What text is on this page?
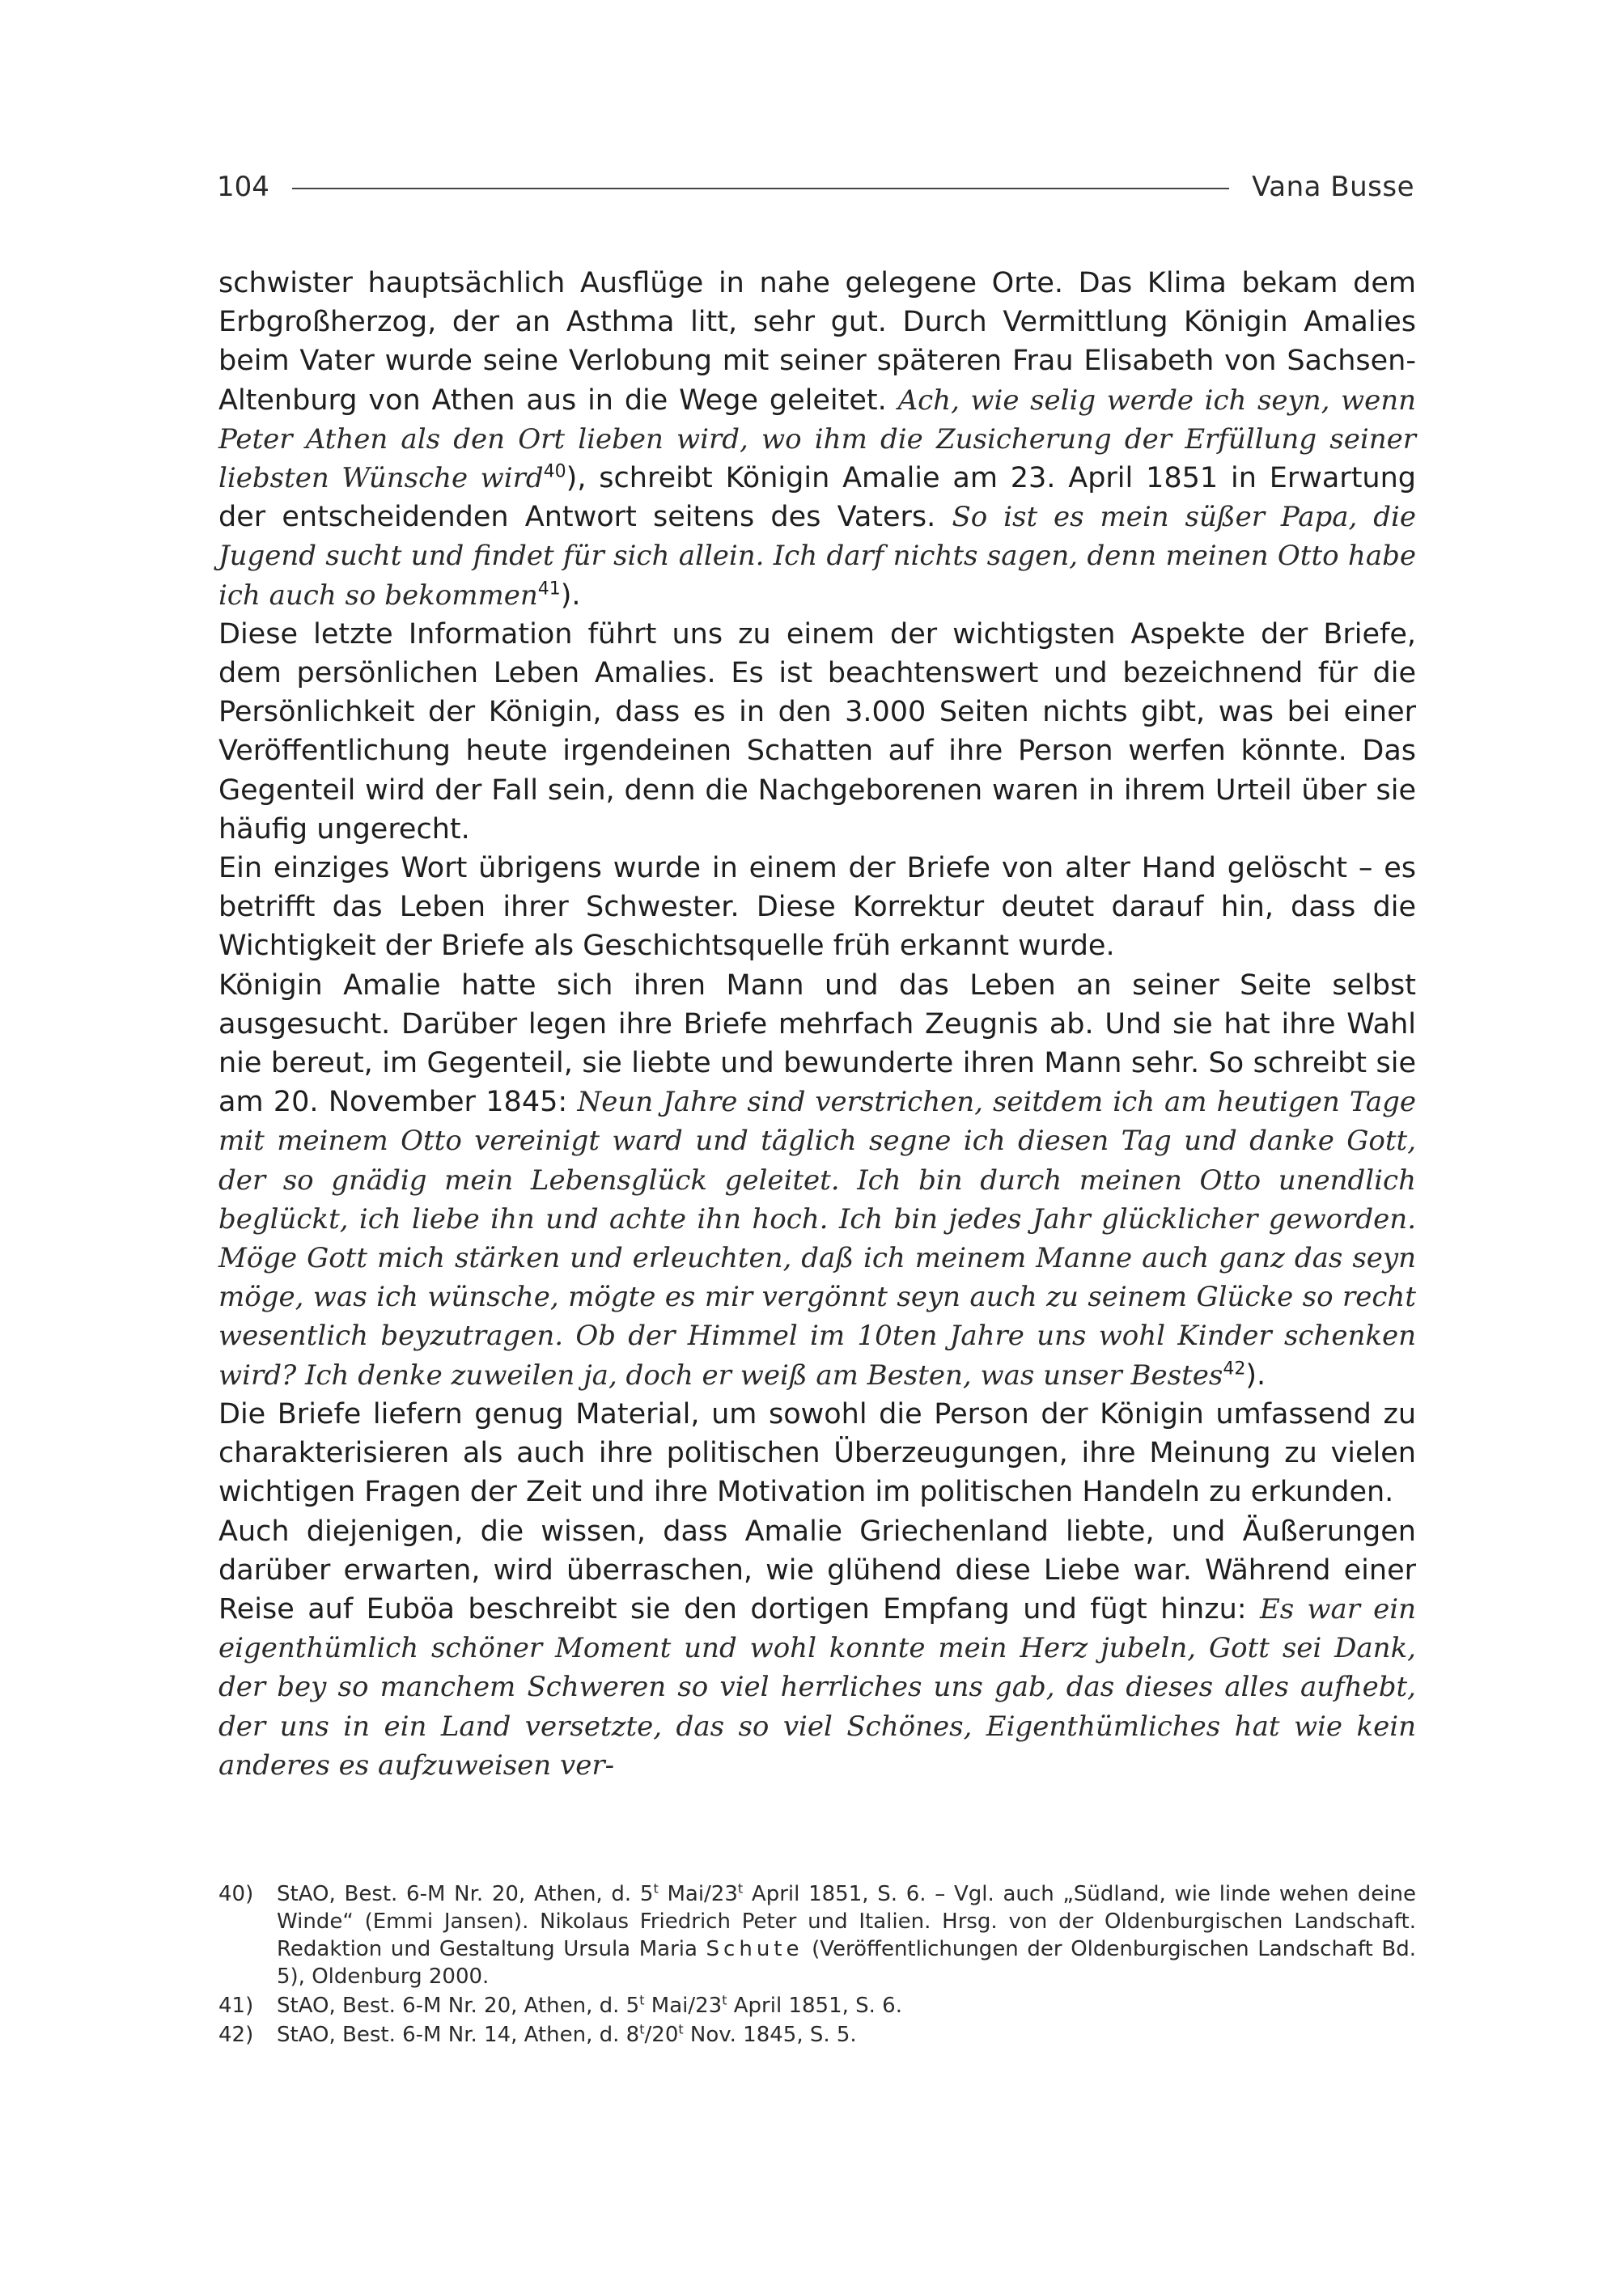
104	Vana Busse

schwister hauptsächlich Ausflüge in nahe gelegene Orte. Das Klima bekam dem Erbgroßherzog, der an Asthma litt, sehr gut. Durch Vermittlung Königin Amalies beim Vater wurde seine Verlobung mit seiner späteren Frau Elisabeth von Sachsen-Altenburg von Athen aus in die Wege geleitet. Ach, wie selig werde ich seyn, wenn Peter Athen als den Ort lieben wird, wo ihm die Zusicherung der Erfüllung seiner liebsten Wünsche wird$^{40}$), schreibt Königin Amalie am 23. April 1851 in Erwartung der entscheidenden Antwort seitens des Vaters. So ist es mein süßer Papa, die Jugend sucht und findet für sich allein. Ich darf nichts sagen, denn meinen Otto habe ich auch so bekommen$^{41}$).

Diese letzte Information führt uns zu einem der wichtigsten Aspekte der Briefe, dem persönlichen Leben Amalies. Es ist beachtenswert und bezeichnend für die Persönlichkeit der Königin, dass es in den 3.000 Seiten nichts gibt, was bei einer Veröffentlichung heute irgendeinen Schatten auf ihre Person werfen könnte. Das Gegenteil wird der Fall sein, denn die Nachgeborenen waren in ihrem Urteil über sie häufig ungerecht.

Ein einziges Wort übrigens wurde in einem der Briefe von alter Hand gelöscht – es betrifft das Leben ihrer Schwester. Diese Korrektur deutet darauf hin, dass die Wichtigkeit der Briefe als Geschichtsquelle früh erkannt wurde.

Königin Amalie hatte sich ihren Mann und das Leben an seiner Seite selbst ausgesucht. Darüber legen ihre Briefe mehrfach Zeugnis ab. Und sie hat ihre Wahl nie bereut, im Gegenteil, sie liebte und bewunderte ihren Mann sehr. So schreibt sie am 20. November 1845: Neun Jahre sind verstrichen, seitdem ich am heutigen Tage mit meinem Otto vereinigt ward und täglich segne ich diesen Tag und danke Gott, der so gnädig mein Lebensglück geleitet. Ich bin durch meinen Otto unendlich beglückt, ich liebe ihn und achte ihn hoch. Ich bin jedes Jahr glücklicher geworden. Möge Gott mich stärken und erleuchten, daß ich meinem Manne auch ganz das seyn möge, was ich wünsche, mögte es mir vergönnt seyn auch zu seinem Glücke so recht wesentlich beyzutragen. Ob der Himmel im 10ten Jahre uns wohl Kinder schenken wird? Ich denke zuweilen ja, doch er weiß am Besten, was unser Bestes$^{42}$).

Die Briefe liefern genug Material, um sowohl die Person der Königin umfassend zu charakterisieren als auch ihre politischen Überzeugungen, ihre Meinung zu vielen wichtigen Fragen der Zeit und ihre Motivation im politischen Handeln zu erkunden.

Auch diejenigen, die wissen, dass Amalie Griechenland liebte, und Äußerungen darüber erwarten, wird überraschen, wie glühend diese Liebe war. Während einer Reise auf Euböa beschreibt sie den dortigen Empfang und fügt hinzu: Es war ein eigenthümlich schöner Moment und wohl konnte mein Herz jubeln, Gott sei Dank, der bey so manchem Schweren so viel herrliches uns gab, das dieses alles aufhebt, der uns in ein Land versetzte, das so viel Schönes, Eigenthümliches hat wie kein anderes es aufzuweisen ver-

40)	StAO, Best. 6-M Nr. 20, Athen, d. 5$^t$ Mai/23$^t$ April 1851, S. 6. – Vgl. auch „Südland, wie linde wehen deine Winde“ (Emmi Jansen). Nikolaus Friedrich Peter und Italien. Hrsg. von der Oldenburgischen Landschaft. Redaktion und Gestaltung Ursula Maria Schute (Veröffentlichungen der Oldenburgischen Landschaft Bd. 5), Oldenburg 2000.
41)	StAO, Best. 6-M Nr. 20, Athen, d. 5$^t$ Mai/23$^t$ April 1851, S. 6.
42)	StAO, Best. 6-M Nr. 14, Athen, d. 8$^t$/20$^t$ Nov. 1845, S. 5.
